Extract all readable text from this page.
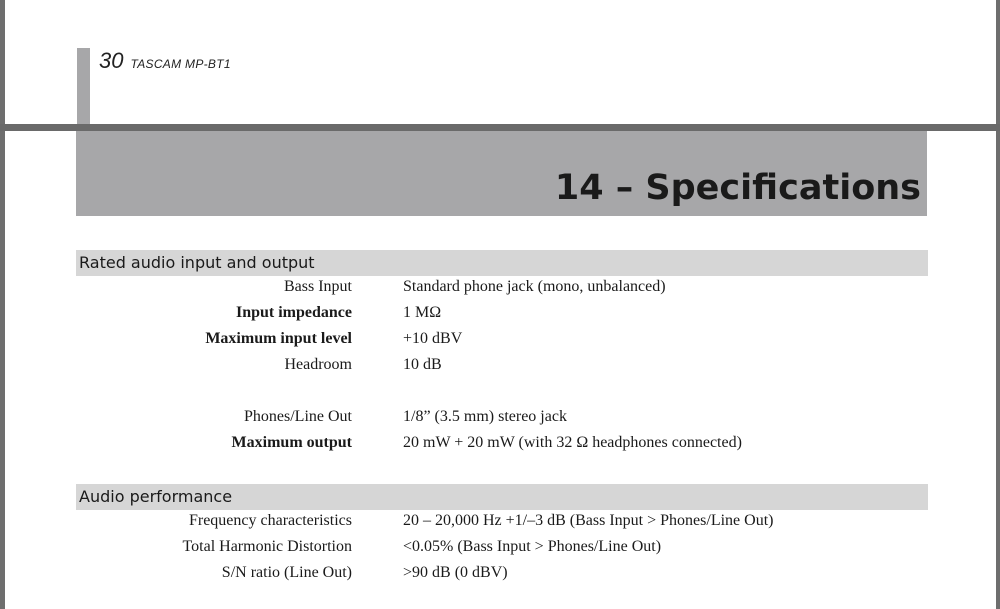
30 TASCAM MP-BT1
14 – Specifications
Rated audio input and output
Bass Input	Standard phone jack (mono, unbalanced)
Input impedance	1 MΩ
Maximum input level	+10 dBV
Headroom	10 dB
Phones/Line Out	1/8” (3.5 mm) stereo jack
Maximum output	20 mW + 20 mW (with 32 Ω headphones connected)
Audio performance
Frequency characteristics	20 – 20,000 Hz +1/–3 dB (Bass Input > Phones/Line Out)
Total Harmonic Distortion	<0.05% (Bass Input > Phones/Line Out)
S/N ratio (Line Out)	>90 dB (0 dBV)
